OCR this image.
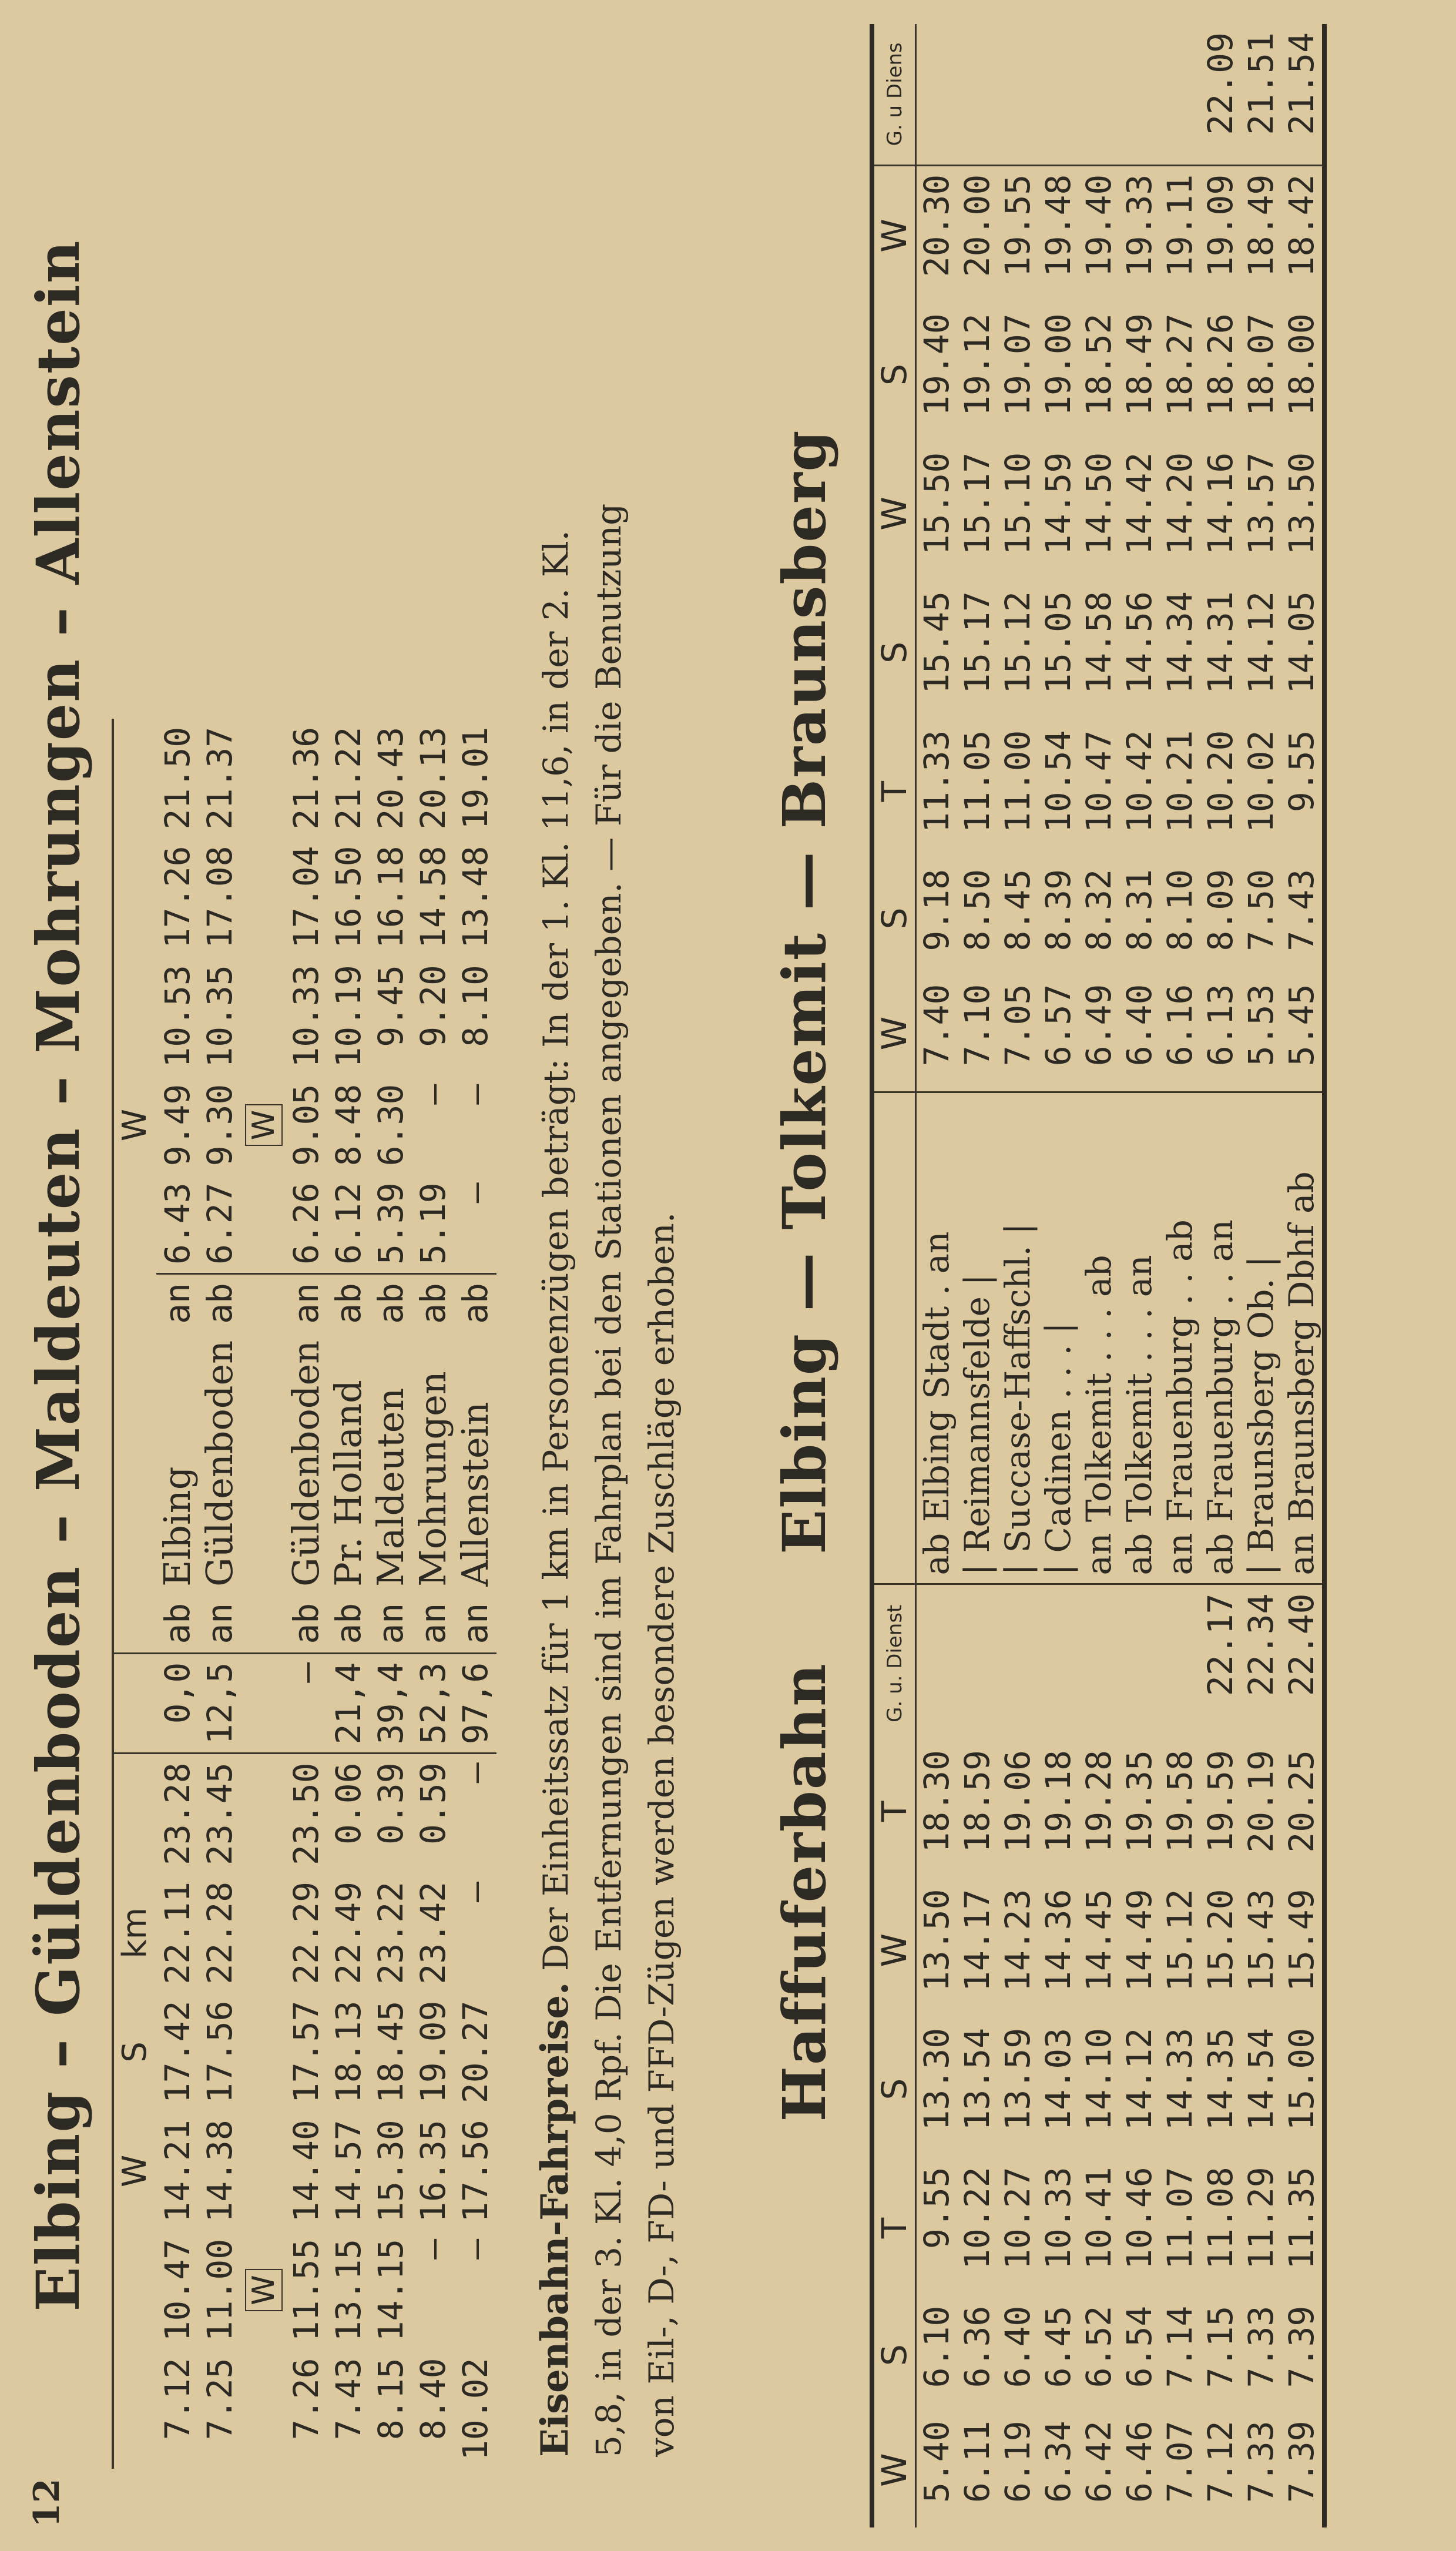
12
Elbing – Güldenboden – Maldeuten – Mohrungen – Allenstein
		W	S	km							W			
7.12	10.47	14.21	17.42	22.11	23.28	0,0	ab	Elbing	an	6.43	9.49	10.53	17.26	21.50
7.25	11.00	14.38	17.56	22.28	23.45	12,5	an	Güldenboden	ab	6.27	9.30	10.35	17.08	21.37
	W										W			
7.26	11.55	14.40	17.57	22.29	23.50	—	ab	Güldenboden	an	6.26	9.05	10.33	17.04	21.36
7.43	13.15	14.57	18.13	22.49	0.06	21,4	ab	Pr. Holland	ab	6.12	8.48	10.19	16.50	21.22
8.15	14.15	15.30	18.45	23.22	0.39	39,4	an	Maldeuten	ab	5.39	6.30	9.45	16.18	20.43
8.40	—	16.35	19.09	23.42	0.59	52,3	an	Mohrungen	ab	5.19	—	9.20	14.58	20.13
10.02	—	17.56	20.27	—	—	97,6	an	Allenstein	ab	—	—	8.10	13.48	19.01
Eisenbahn-Fahrpreise. Der Einheitssatz für 1 km in Personenzügen beträgt: In der 1. Kl. 11,6, in der 2. Kl. 5,8, in der 3. Kl. 4,0 Rpf. Die Entfernungen sind im Fahrplan bei den Stationen angegeben. — Für die Benutzung von Eil-, D-, FD- und FFD-Zügen werden besondere Zuschläge erhoben. Haffuferbahn     Elbing — Tolkemit — Braunsberg
W	S	T	S	W	T	G. u. Dienst		W	S	T	S	W	S	W	G. u Diens
5.40	6.10	9.55	13.30	13.50	18.30		ab Elbing Stadt . an	7.40	9.18	11.33	15.45	15.50	19.40	20.30	
6.11	6.36	10.22	13.54	14.17	18.59		| Reimannsfelde |	7.10	8.50	11.05	15.17	15.17	19.12	20.00	
6.19	6.40	10.27	13.59	14.23	19.06		| Succase-Haffschl. |	7.05	8.45	11.00	15.12	15.10	19.07	19.55	
6.34	6.45	10.33	14.03	14.36	19.18		| Cadinen . . . |	6.57	8.39	10.54	15.05	14.59	19.00	19.48	
6.42	6.52	10.41	14.10	14.45	19.28		an Tolkemit . . . ab	6.49	8.32	10.47	14.58	14.50	18.52	19.40	
6.46	6.54	10.46	14.12	14.49	19.35		ab Tolkemit . . . an	6.40	8.31	10.42	14.56	14.42	18.49	19.33	
7.07	7.14	11.07	14.33	15.12	19.58		an Frauenburg . . ab	6.16	8.10	10.21	14.34	14.20	18.27	19.11	
7.12	7.15	11.08	14.35	15.20	19.59	22.17	ab Frauenburg . . an	6.13	8.09	10.20	14.31	14.16	18.26	19.09	22.09
7.33	7.33	11.29	14.54	15.43	20.19	22.34	| Braunsberg Ob. |	5.53	7.50	10.02	14.12	13.57	18.07	18.49	21.51
7.39	7.39	11.35	15.00	15.49	20.25	22.40	an Braunsberg Dbhf ab	5.45	7.43	9.55	14.05	13.50	18.00	18.42	21.54
